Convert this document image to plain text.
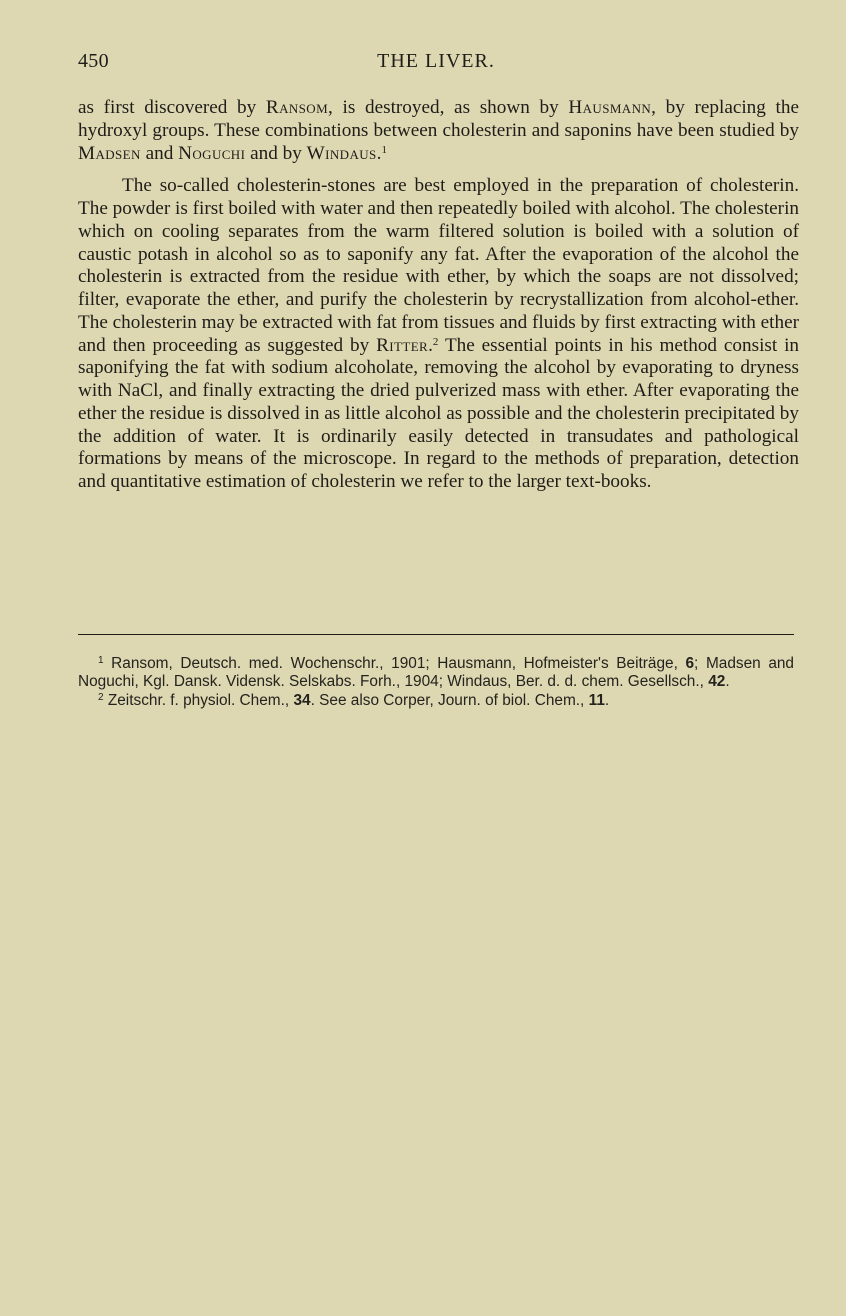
450	THE LIVER.

as first discovered by Ransom, is destroyed, as shown by Hausmann, by replacing the hydroxyl groups. These combinations between cholesterin and saponins have been studied by Madsen and Noguchi and by Windaus.$^1$

The so-called cholesterin-stones are best employed in the preparation of cholesterin. The powder is first boiled with water and then repeatedly boiled with alcohol. The cholesterin which on cooling separates from the warm filtered solution is boiled with a solution of caustic potash in alcohol so as to saponify any fat. After the evaporation of the alcohol the cholesterin is extracted from the residue with ether, by which the soaps are not dissolved; filter, evaporate the ether, and purify the cholesterin by recrystallization from alcohol-ether. The cholesterin may be extracted with fat from tissues and fluids by first extracting with ether and then proceeding as suggested by Ritter.$^2$ The essential points in his method consist in saponifying the fat with sodium alcoholate, removing the alcohol by evaporating to dryness with NaCl, and finally extracting the dried pulverized mass with ether. After evaporating the ether the residue is dissolved in as little alcohol as possible and the cholesterin precipitated by the addition of water. It is ordinarily easily detected in transudates and pathological formations by means of the microscope. In regard to the methods of preparation, detection and quantitative estimation of cholesterin we refer to the larger text-books.

$^1$ Ransom, Deutsch. med. Wochenschr., 1901; Hausmann, Hofmeister's Beiträge, 6; Madsen and Noguchi, Kgl. Dansk. Vidensk. Selskabs. Forh., 1904; Windaus, Ber. d. d. chem. Gesellsch., 42.

$^2$ Zeitschr. f. physiol. Chem., 34. See also Corper, Journ. of biol. Chem., 11.
